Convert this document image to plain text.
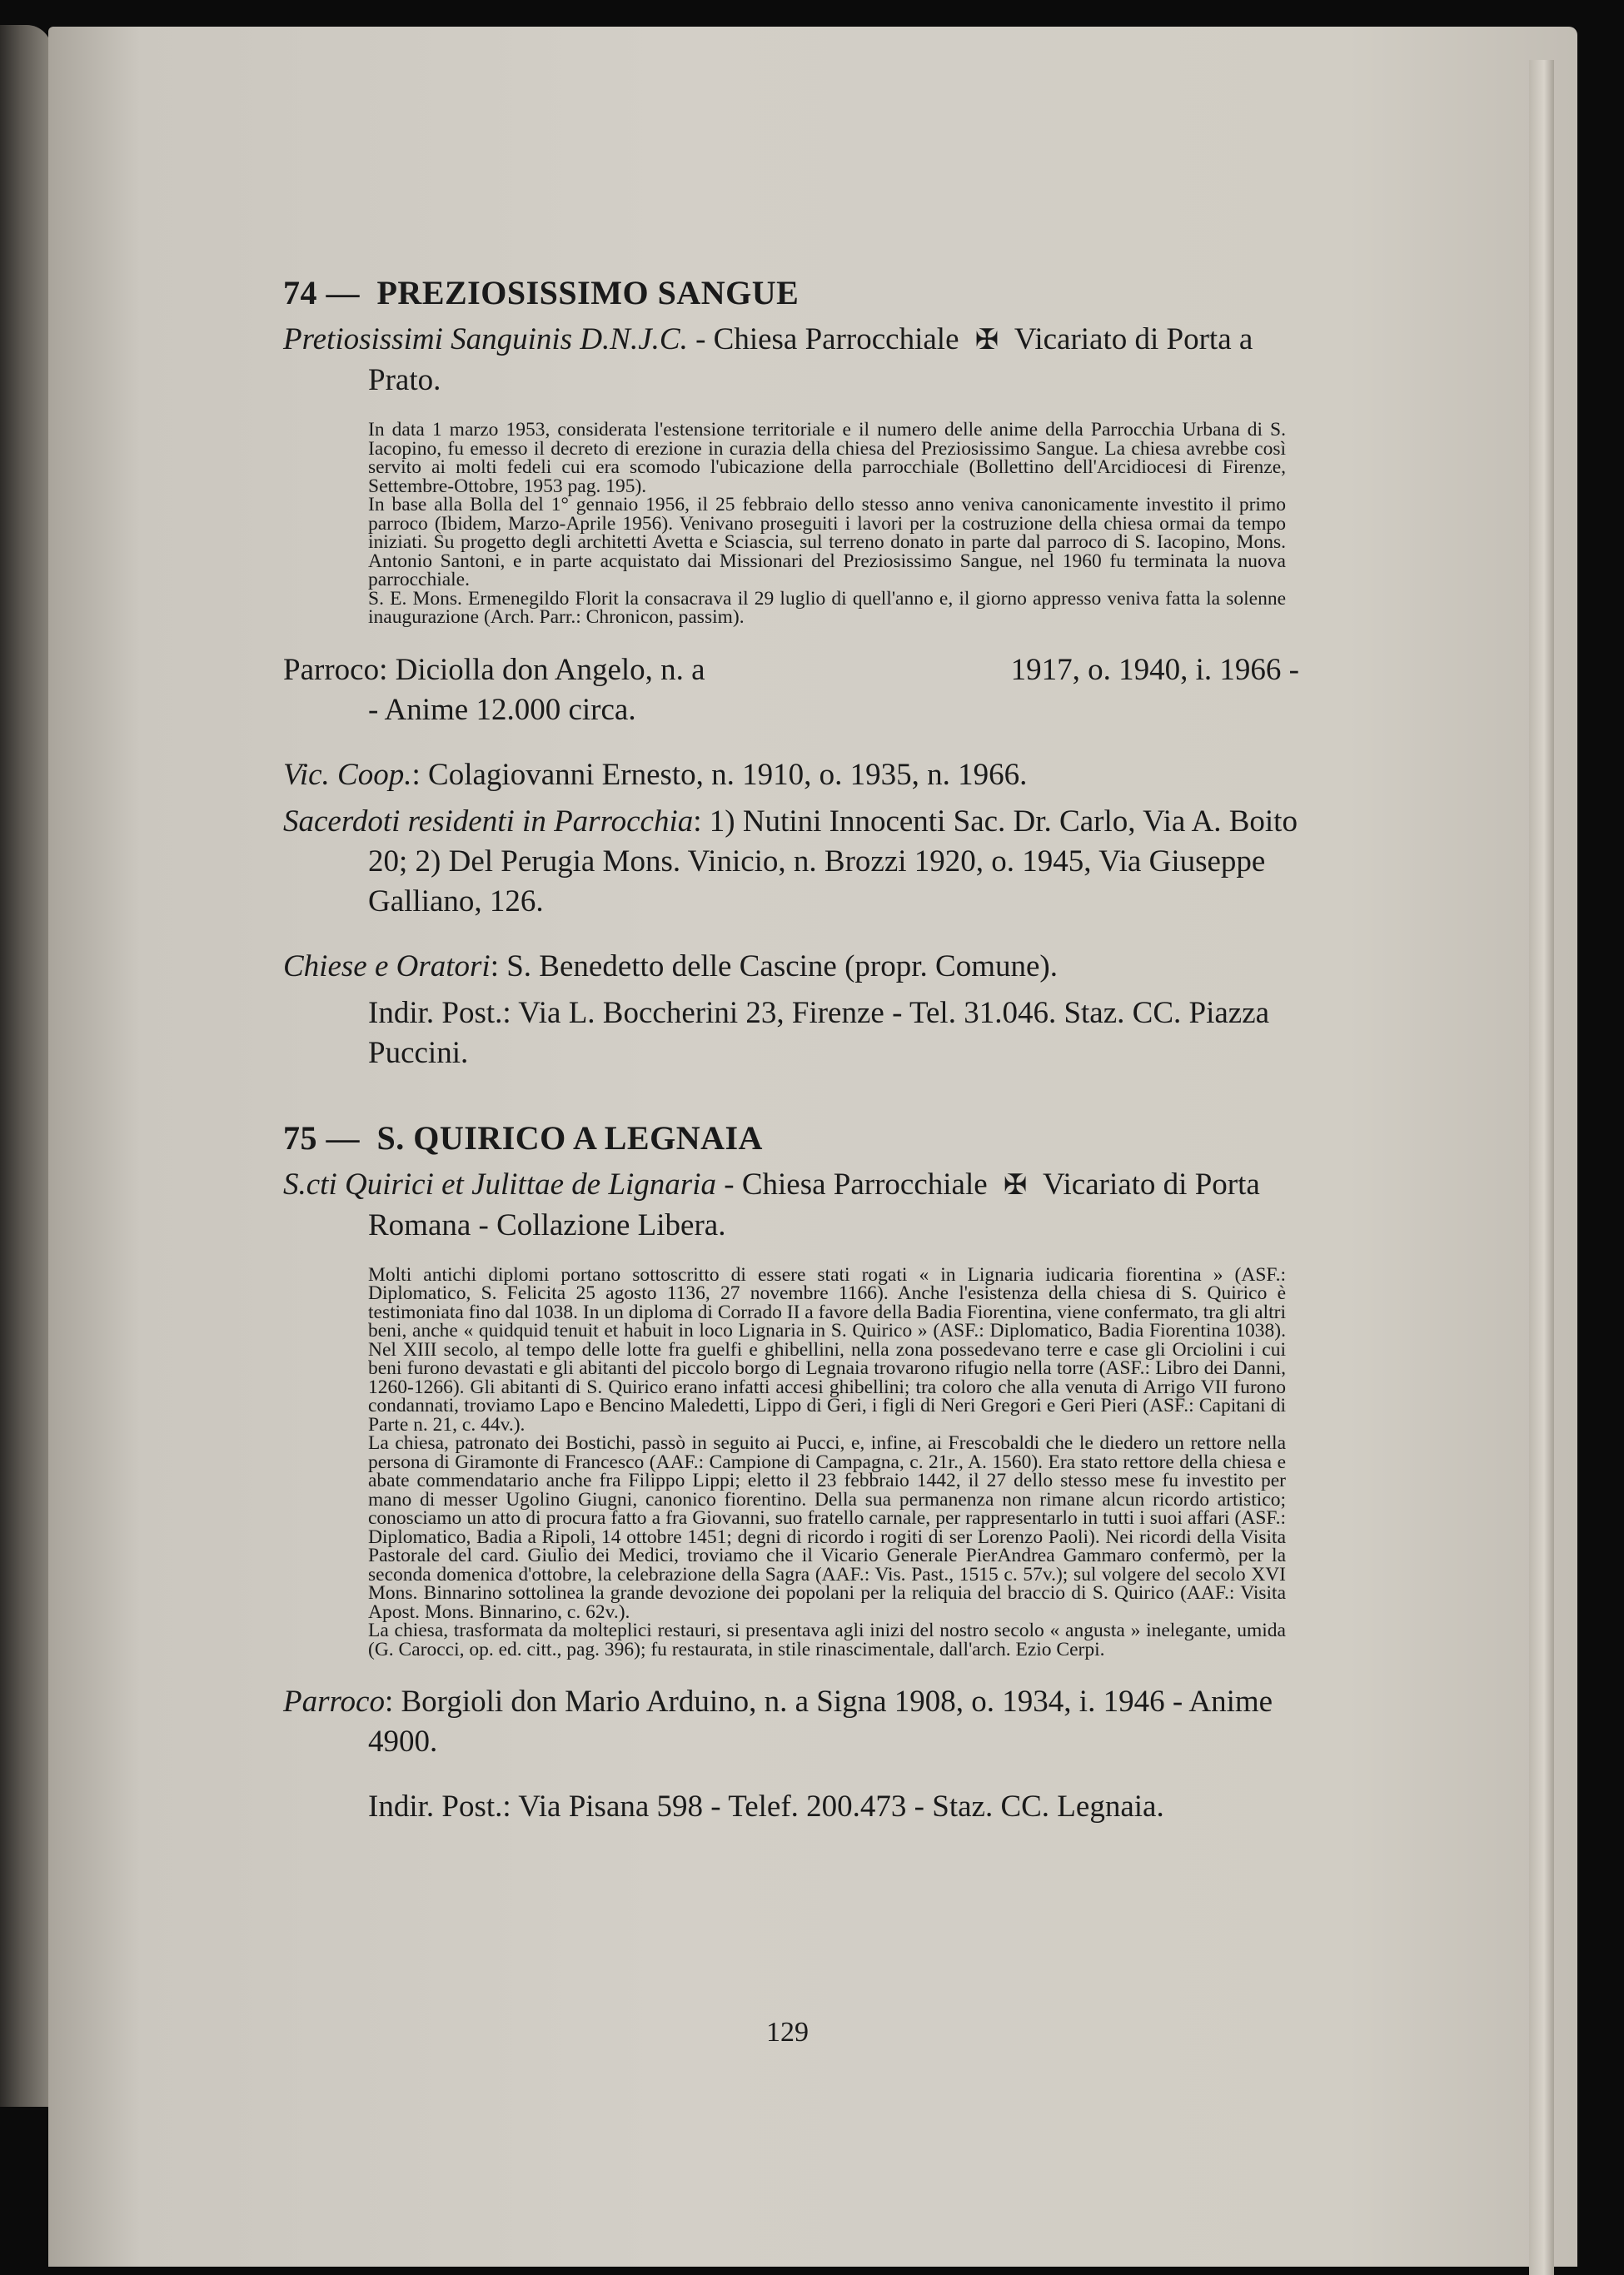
74 — PREZIOSISSIMO SANGUE
Pretiosissimi Sanguinis D.N.J.C. - Chiesa Parrocchiale ✠ Vicariato di Porta a Prato.

In data 1 marzo 1953, considerata l'estensione territoriale e il numero delle anime della Parrocchia Urbana di S. Iacopino, fu emesso il decreto di erezione in curazia della chiesa del Preziosissimo Sangue. La chiesa avrebbe così servito ai molti fedeli cui era scomodo l'ubicazione della parrocchiale (Bollettino dell'Arcidiocesi di Firenze, Settembre-Ottobre, 1953 pag. 195).

In base alla Bolla del 1° gennaio 1956, il 25 febbraio dello stesso anno veniva canonicamente investito il primo parroco (Ibidem, Marzo-Aprile 1956). Venivano proseguiti i lavori per la costruzione della chiesa ormai da tempo iniziati. Su progetto degli architetti Avetta e Sciascia, sul terreno donato in parte dal parroco di S. Iacopino, Mons. Antonio Santoni, e in parte acquistato dai Missionari del Preziosissimo Sangue, nel 1960 fu terminata la nuova parrocchiale.

S. E. Mons. Ermenegildo Florit la consacrava il 29 luglio di quell'anno e, il giorno appresso veniva fatta la solenne inaugurazione (Arch. Parr.: Chronicon, passim).

Parroco: Diciolla don Angelo, n. a	1917, o. 1940, i. 1966 -
- Anime 12.000 circa.
Vic. Coop.: Colagiovanni Ernesto, n. 1910, o. 1935, n. 1966.
Sacerdoti residenti in Parrocchia: 1) Nutini Innocenti Sac. Dr. Carlo, Via A. Boito 20; 2) Del Perugia Mons. Vinicio, n. Brozzi 1920, o. 1945, Via Giuseppe Galliano, 126.
Chiese e Oratori: S. Benedetto delle Cascine (propr. Comune).
Indir. Post.: Via L. Boccherini 23, Firenze - Tel. 31.046. Staz. CC. Piazza Puccini.
75 — S. QUIRICO A LEGNAIA
S.cti Quirici et Julittae de Lignaria - Chiesa Parrocchiale ✠ Vicariato di Porta Romana - Collazione Libera.

Molti antichi diplomi portano sottoscritto di essere stati rogati « in Lignaria iudicaria fiorentina » (ASF.: Diplomatico, S. Felicita 25 agosto 1136, 27 novembre 1166). Anche l'esistenza della chiesa di S. Quirico è testimoniata fino dal 1038. In un diploma di Corrado II a favore della Badia Fiorentina, viene confermato, tra gli altri beni, anche « quidquid tenuit et habuit in loco Lignaria in S. Quirico » (ASF.: Diplomatico, Badia Fiorentina 1038). Nel XIII secolo, al tempo delle lotte fra guelfi e ghibellini, nella zona possedevano terre e case gli Orciolini i cui beni furono devastati e gli abitanti del piccolo borgo di Legnaia trovarono rifugio nella torre (ASF.: Libro dei Danni, 1260-1266). Gli abitanti di S. Quirico erano infatti accesi ghibellini; tra coloro che alla venuta di Arrigo VII furono condannati, troviamo Lapo e Bencino Maledetti, Lippo di Geri, i figli di Neri Gregori e Geri Pieri (ASF.: Capitani di Parte n. 21, c. 44v.).

La chiesa, patronato dei Bostichi, passò in seguito ai Pucci, e, infine, ai Frescobaldi che le diedero un rettore nella persona di Giramonte di Francesco (AAF.: Campione di Campagna, c. 21r., A. 1560). Era stato rettore della chiesa e abate commendatario anche fra Filippo Lippi; eletto il 23 febbraio 1442, il 27 dello stesso mese fu investito per mano di messer Ugolino Giugni, canonico fiorentino. Della sua permanenza non rimane alcun ricordo artistico; conosciamo un atto di procura fatto a fra Giovanni, suo fratello carnale, per rappresentarlo in tutti i suoi affari (ASF.: Diplomatico, Badia a Ripoli, 14 ottobre 1451; degni di ricordo i rogiti di ser Lorenzo Paoli). Nei ricordi della Visita Pastorale del card. Giulio dei Medici, troviamo che il Vicario Generale PierAndrea Gammaro confermò, per la seconda domenica d'ottobre, la celebrazione della Sagra (AAF.: Vis. Past., 1515 c. 57v.); sul volgere del secolo XVI Mons. Binnarino sottolinea la grande devozione dei popolani per la reliquia del braccio di S. Quirico (AAF.: Visita Apost. Mons. Binnarino, c. 62v.).

La chiesa, trasformata da molteplici restauri, si presentava agli inizi del nostro secolo « angusta » inelegante, umida (G. Carocci, op. ed. citt., pag. 396); fu restaurata, in stile rinascimentale, dall'arch. Ezio Cerpi.

Parroco: Borgioli don Mario Arduino, n. a Signa 1908, o. 1934, i. 1946 - Anime 4900.
Indir. Post.: Via Pisana 598 - Telef. 200.473 - Staz. CC. Legnaia.
129
